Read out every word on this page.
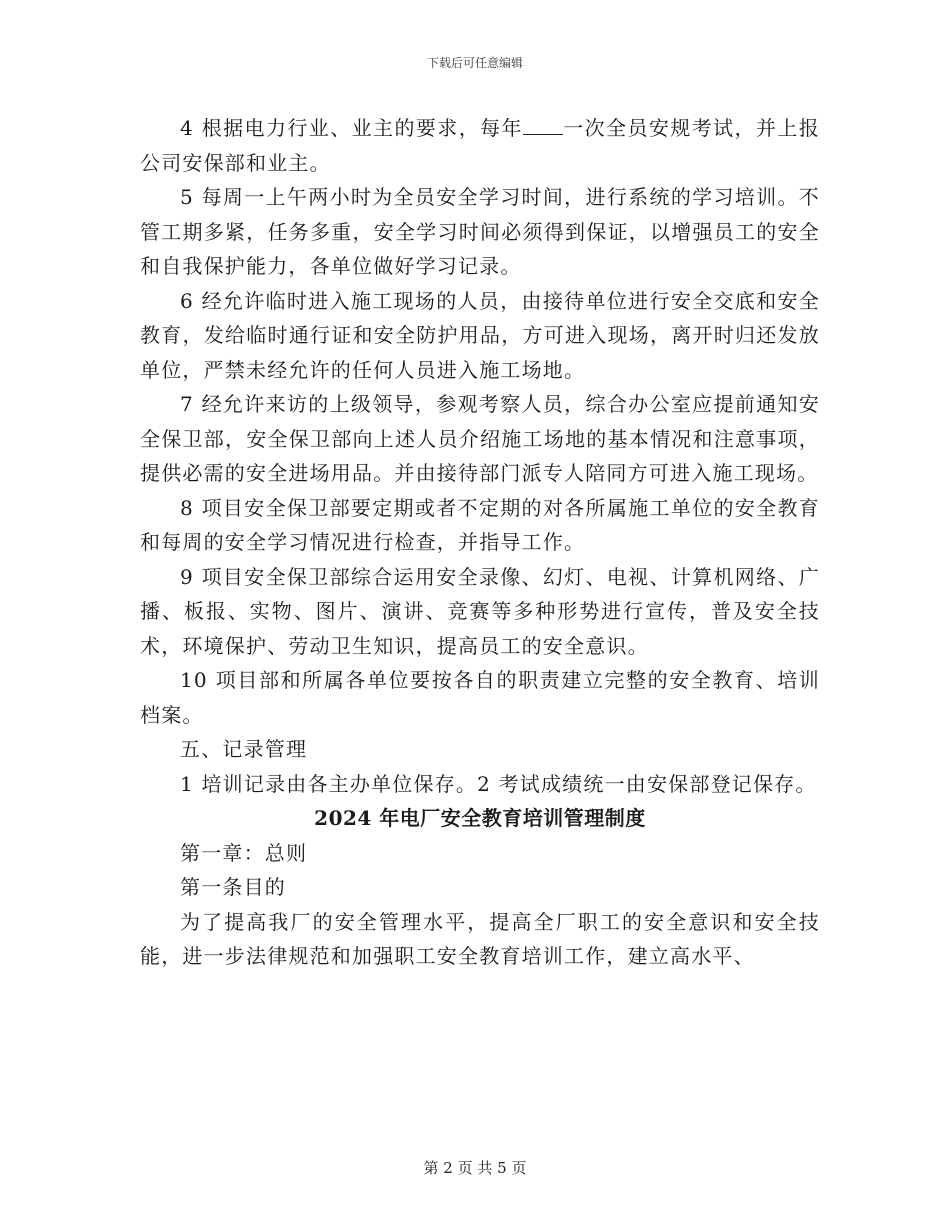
下载后可任意编辑

4 根据电力行业、业主的要求，每年 一次全员安规考试，并上报公司安保部和业主。

5 每周一上午两小时为全员安全学习时间，进行系统的学习培训。不管工期多紧，任务多重，安全学习时间必须得到保证，以增强员工的安全和自我保护能力，各单位做好学习记录。

6 经允许临时进入施工现场的人员，由接待单位进行安全交底和安全教育，发给临时通行证和安全防护用品，方可进入现场，离开时归还发放单位，严禁未经允许的任何人员进入施工场地。

7 经允许来访的上级领导，参观考察人员，综合办公室应提前通知安全保卫部，安全保卫部向上述人员介绍施工场地的基本情况和注意事项，提供必需的安全进场用品。并由接待部门派专人陪同方可进入施工现场。

8 项目安全保卫部要定期或者不定期的对各所属施工单位的安全教育和每周的安全学习情况进行检查，并指导工作。

9 项目安全保卫部综合运用安全录像、幻灯、电视、计算机网络、广播、板报、实物、图片、演讲、竞赛等多种形势进行宣传，普及安全技术，环境保护、劳动卫生知识，提高员工的安全意识。

10 项目部和所属各单位要按各自的职责建立完整的安全教育、培训档案。

五、记录管理

1 培训记录由各主办单位保存。2 考试成绩统一由安保部登记保存。

2024 年电厂安全教育培训管理制度

第一章：总则

第一条目的

为了提高我厂的安全管理水平，提高全厂职工的安全意识和安全技能，进一步法律规范和加强职工安全教育培训工作，建立高水平、

第 2 页 共 5 页
